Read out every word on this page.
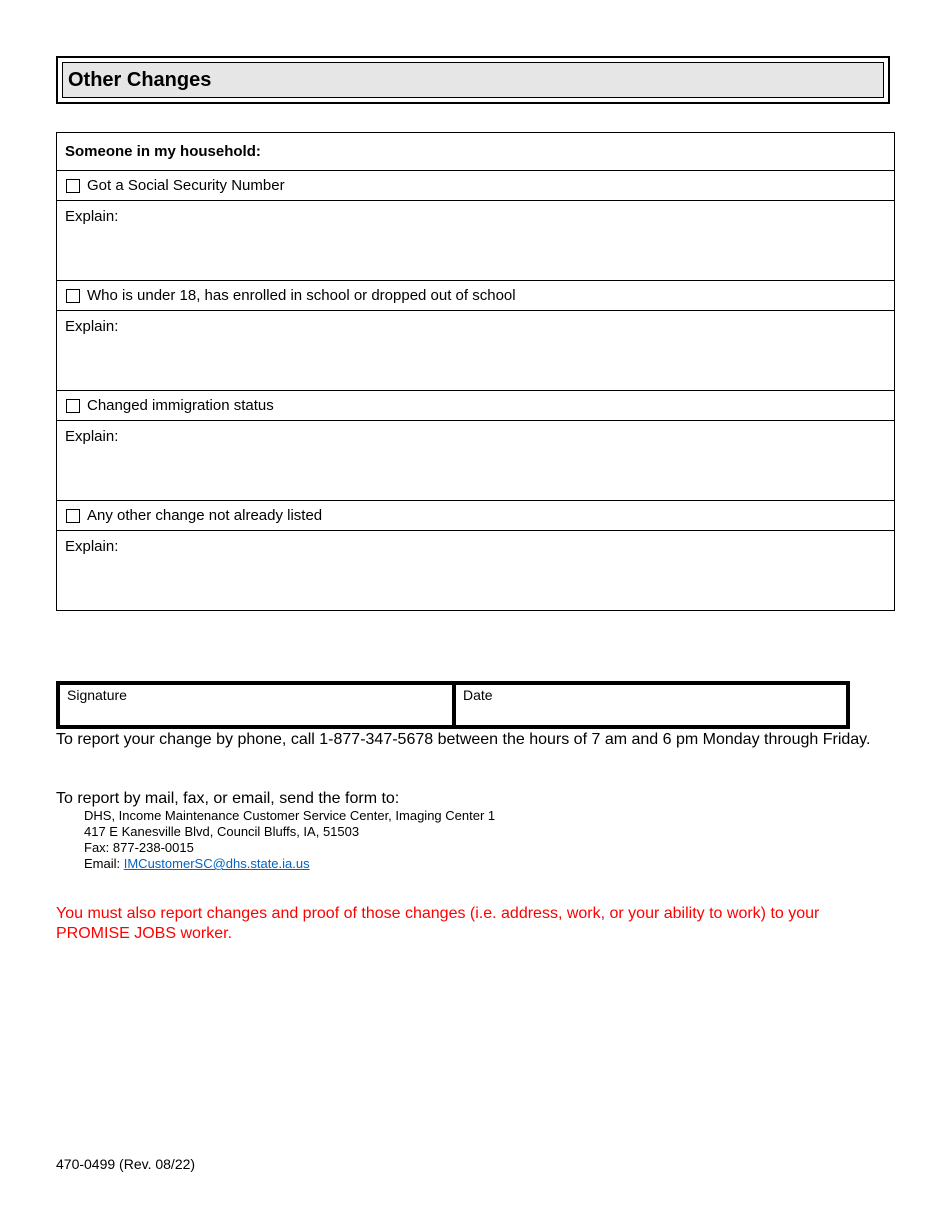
Other Changes
Someone in my household:
Got a Social Security Number
Explain:
Who is under 18, has enrolled in school or dropped out of school
Explain:
Changed immigration status
Explain:
Any other change not already listed
Explain:
Signature	Date
To report your change by phone, call 1-877-347-5678 between the hours of 7 am and 6 pm Monday through Friday.
To report by mail, fax, or email, send the form to:
DHS, Income Maintenance Customer Service Center, Imaging Center 1
417 E Kanesville Blvd, Council Bluffs, IA, 51503
Fax: 877-238-0015
Email: IMCustomerSC@dhs.state.ia.us
You must also report changes and proof of those changes (i.e. address, work, or your ability to work) to your PROMISE JOBS worker.
470-0499 (Rev. 08/22)
